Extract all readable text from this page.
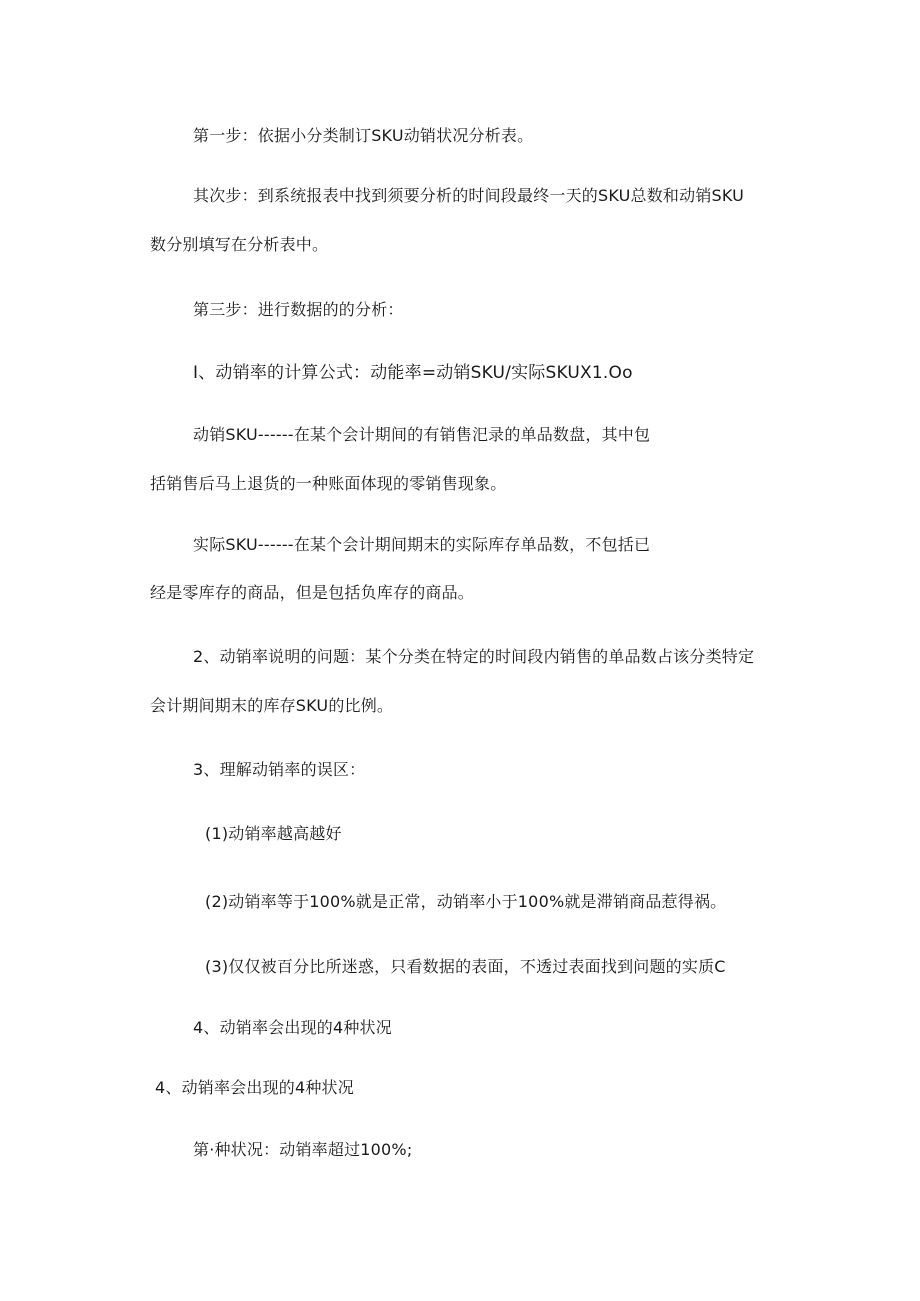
第一步：依据小分类制订SKU动销状况分析表。
其次步：到系统报表中找到须要分析的时间段最终一天的SKU总数和动销SKU
数分别填写在分析表中。
第三步：进行数据的的分析：
I、动销率的计算公式：动能率=动销SKU/实际SKUX1.Oo
动销SKU------在某个会计期间的有销售汜录的单品数盘，其中包
括销售后马上退货的一种账面体现的零销售现象。
实际SKU------在某个会计期间期末的实际库存单品数，不包括已
经是零库存的商品，但是包括负库存的商品。
2、动销率说明的问题：某个分类在特定的时间段内销售的单品数占该分类特定
会计期间期末的库存SKU的比例。
3、理解动销率的误区：
(1)动销率越高越好
(2)动销率等于100%就是正常，动销率小于100%就是滞销商品惹得祸。
(3)仅仅被百分比所迷惑，只看数据的表面，不透过表面找到问题的实质C
4、动销率会出现的4种状况
4、动销率会出现的4种状况
第·种状况：动销率超过100%;
